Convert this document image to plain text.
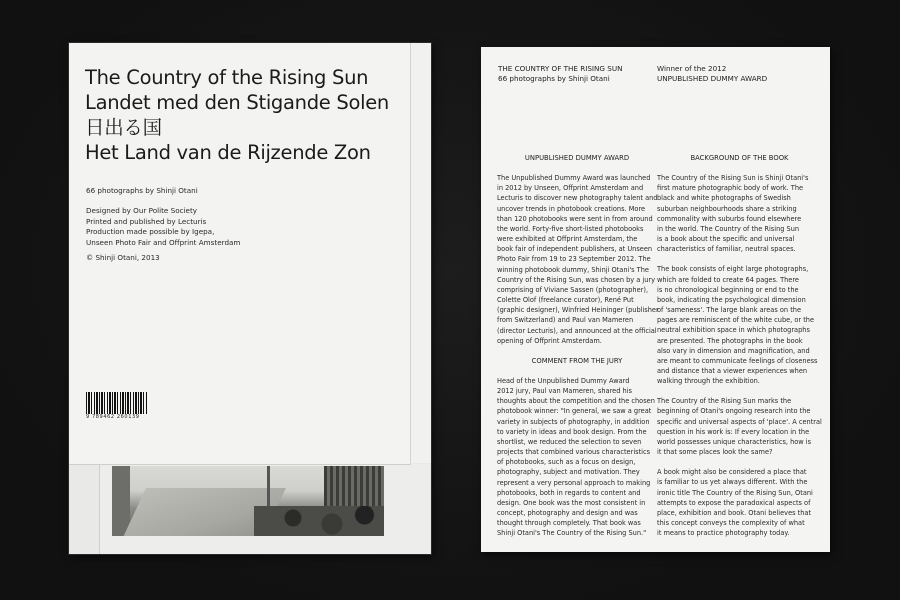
The Country of the Rising Sun
Landet med den Stigande Solen
日出る国
Het Land van de Rijzende Zon
66 photographs by Shinji Otani
Designed by Our Polite Society
Printed and published by Lecturis
Production made possible by Igepa,
Unseen Photo Fair and Offprint Amsterdam
© Shinji Otani, 2013
9 789462 260139
THE COUNTRY OF THE RISING SUN
66 photographs by Shinji Otani
Winner of the 2012
UNPUBLISHED DUMMY AWARD
UNPUBLISHED DUMMY AWARD
The Unpublished Dummy Award was launched
in 2012 by Unseen, Offprint Amsterdam and
Lecturis to discover new photography talent and
uncover trends in photobook creations. More
than 120 photobooks were sent in from around
the world. Forty-five short-listed photobooks
were exhibited at Offprint Amsterdam, the
book fair of independent publishers, at Unseen
Photo Fair from 19 to 23 September 2012. The
winning photobook dummy, Shinji Otani's The
Country of the Rising Sun, was chosen by a jury
comprising of Viviane Sassen (photographer),
Colette Olof (freelance curator), René Put
(graphic designer), Winfried Heininger (publisher
from Switzerland) and Paul van Mameren
(director Lecturis), and announced at the official
opening of Offprint Amsterdam.
COMMENT FROM THE JURY
Head of the Unpublished Dummy Award
2012 jury, Paul van Mameren, shared his
thoughts about the competition and the chosen
photobook winner: "In general, we saw a great
variety in subjects of photography, in addition
to variety in ideas and book design. From the
shortlist, we reduced the selection to seven
projects that combined various characteristics
of photobooks, such as a focus on design,
photography, subject and motivation. They
represent a very personal approach to making
photobooks, both in regards to content and
design. One book was the most consistent in
concept, photography and design and was
thought through completely. That book was
Shinji Otani's The Country of the Rising Sun."
BACKGROUND OF THE BOOK
The Country of the Rising Sun is Shinji Otani's
first mature photographic body of work. The
black and white photographs of Swedish
suburban neighbourhoods share a striking
commonality with suburbs found elsewhere
in the world. The Country of the Rising Sun
is a book about the specific and universal
characteristics of familiar, neutral spaces.
The book consists of eight large photographs,
which are folded to create 64 pages. There
is no chronological beginning or end to the
book, indicating the psychological dimension
of 'sameness'. The large blank areas on the
pages are reminiscent of the white cube, or the
neutral exhibition space in which photographs
are presented. The photographs in the book
also vary in dimension and magnification, and
are meant to communicate feelings of closeness
and distance that a viewer experiences when
walking through the exhibition.
The Country of the Rising Sun marks the
beginning of Otani's ongoing research into the
specific and universal aspects of 'place'. A central
question in his work is: If every location in the
world possesses unique characteristics, how is
it that some places look the same?
A book might also be considered a place that
is familiar to us yet always different. With the
ironic title The Country of the Rising Sun, Otani
attempts to expose the paradoxical aspects of
place, exhibition and book. Otani believes that
this concept conveys the complexity of what
it means to practice photography today.
